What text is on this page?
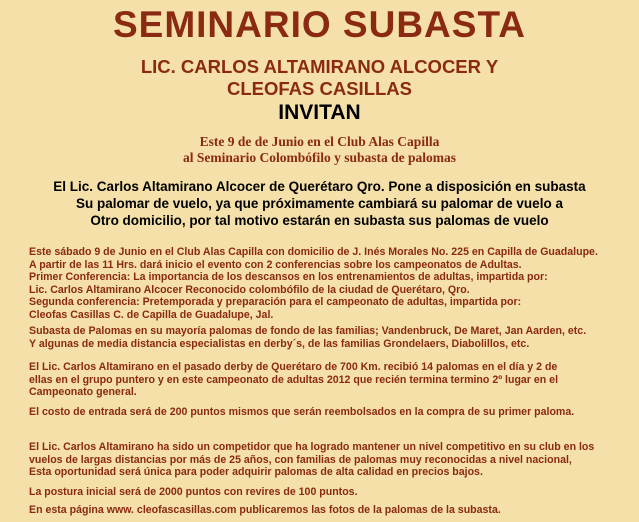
SEMINARIO SUBASTA
LIC. CARLOS ALTAMIRANO ALCOCER Y
CLEOFAS CASILLAS
INVITAN
Este 9 de de Junio en el Club Alas Capilla
al Seminario Colombófilo y subasta de palomas
El Lic. Carlos Altamirano Alcocer de Querétaro Qro. Pone a disposición en subasta
Su palomar de vuelo, ya que próximamente cambiará su palomar de vuelo a
Otro domicilio, por tal motivo estarán en subasta sus palomas de vuelo
Este sábado 9 de Junio en el Club Alas Capilla con domicilio de J. Inés Morales No. 225 en Capilla de Guadalupe.
A partir de las 11 Hrs. dará inicio el evento con 2 conferencias sobre los campeonatos de Adultas.
Primer Conferencia: La importancia de los descansos en los entrenamientos de adultas, impartida por:
Lic. Carlos Altamirano Alcocer Reconocido colombófilo de la ciudad de Querétaro, Qro.
Segunda conferencia: Pretemporada y preparación para el campeonato de adultas, impartida por:
Cleofas Casillas C. de Capilla de Guadalupe, Jal.
Subasta de Palomas en su mayoría palomas de fondo de las familias; Vandenbruck, De Maret, Jan Aarden, etc.
Y algunas de media distancia especialistas en derby´s, de las familias Grondelaers, Diabolillos, etc.
El Lic. Carlos Altamirano en el pasado derby de Querétaro de 700 Km. recibió 14 palomas en el día y 2 de
ellas en el grupo puntero y en este campeonato de adultas 2012 que recién termina termino 2º lugar en el
Campeonato general.
El costo de entrada será de 200 puntos mismos que serán reembolsados en la compra de su primer paloma.
El Lic. Carlos Altamirano ha sido un competidor que ha logrado mantener un nivel competitivo en su club en los
vuelos de largas distancias por más de 25 años, con familias de palomas muy reconocidas a nivel nacional,
Esta oportunidad será única para poder adquirir palomas de alta calidad en precios bajos.
La postura inicial será de 2000 puntos con revires de 100 puntos.
En esta página www. cleofascasillas.com publicaremos las fotos de la palomas de la subasta.
